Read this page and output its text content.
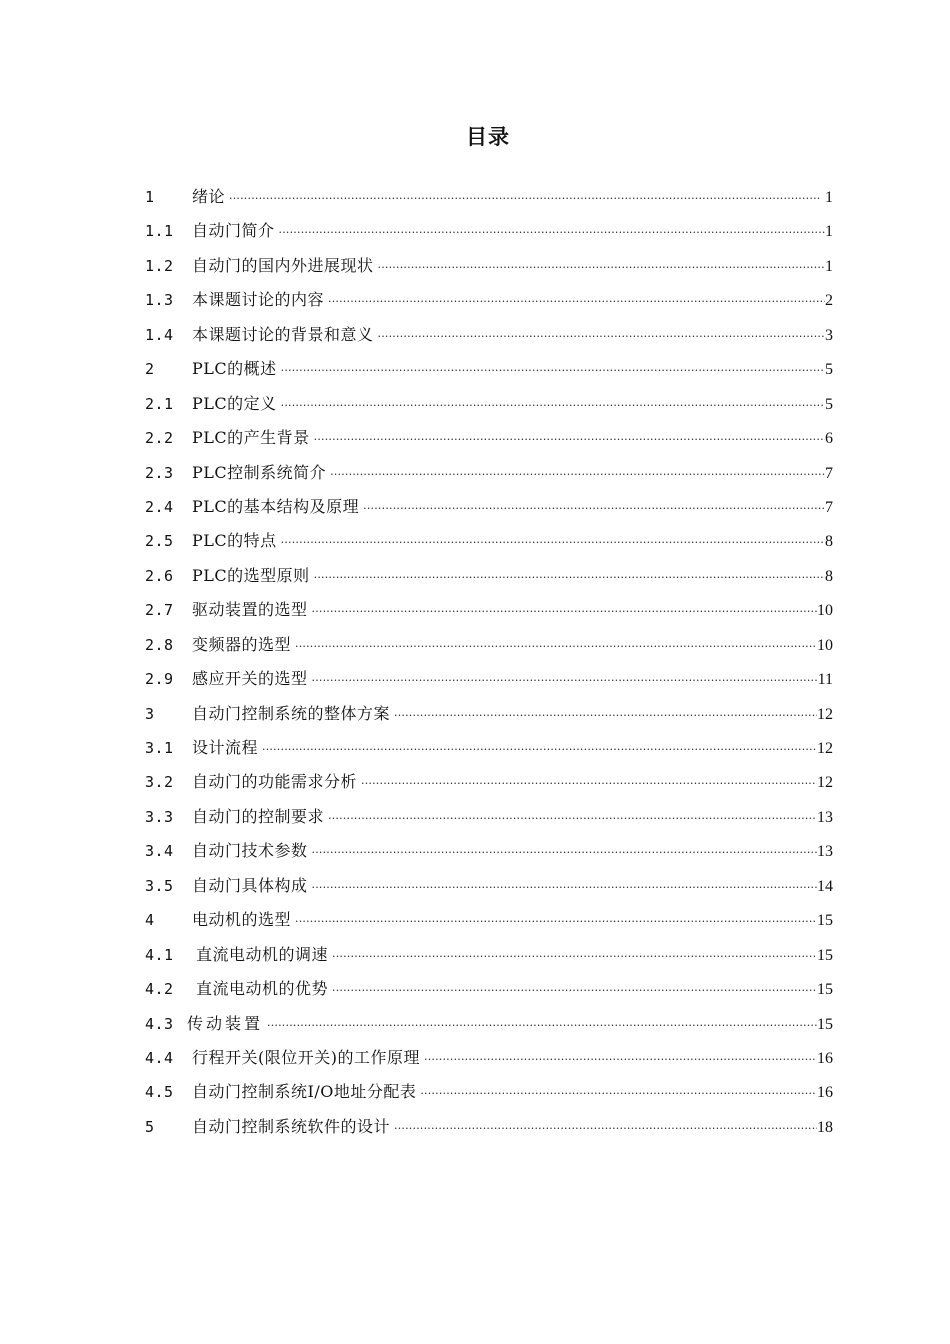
目录
1	绪论 ·····	1
1.1	自动门简介 ·····	1
1.2	自动门的国内外进展现状 ·····	1
1.3	本课题讨论的内容 ·····	2
1.4	本课题讨论的背景和意义 ·····	3
2	PLC的概述 ·····	5
2.1	PLC的定义 ·····	5
2.2	PLC的产生背景 ·····	6
2.3	PLC控制系统简介 ·····	7
2.4	PLC的基本结构及原理 ·····	7
2.5	PLC的特点 ·····	8
2.6	PLC的选型原则 ·····	8
2.7	驱动装置的选型 ·····	10
2.8	变频器的选型 ·····	10
2.9	感应开关的选型 ·····	11
3	自动门控制系统的整体方案 ·····	12
3.1	设计流程 ·····	12
3.2	自动门的功能需求分析 ·····	12
3.3	自动门的控制要求 ·····	13
3.4	自动门技术参数 ·····	13
3.5	自动门具体构成 ·····	14
4	电动机的选型 ·····	15
4.1	直流电动机的调速 ·····	15
4.2	直流电动机的优势 ·····	15
4.3 传动装置 ·····	15
4.4	行程开关(限位开关)的工作原理 ·····	16
4.5	自动门控制系统I/O地址分配表 ·····	16
5	自动门控制系统软件的设计 ·····	18
